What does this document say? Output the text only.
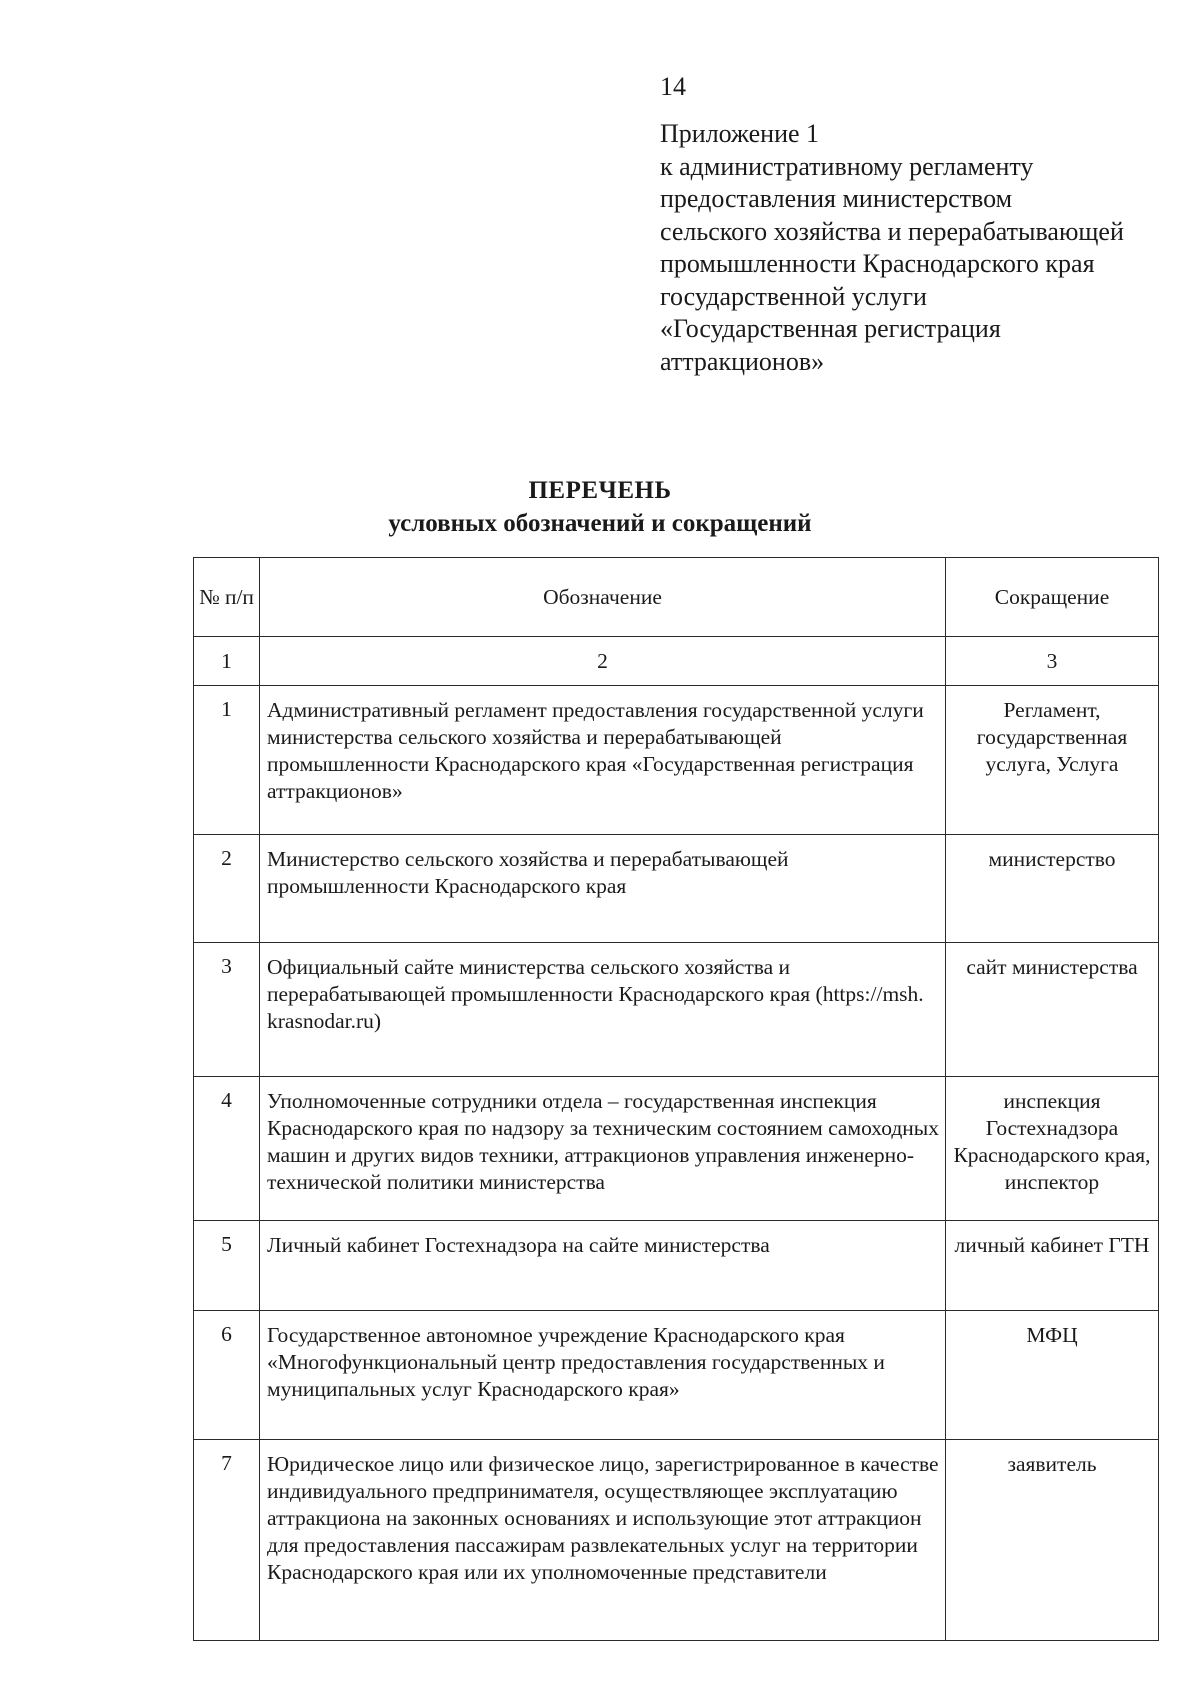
14
Приложение 1
к административному регламенту
предоставления министерством
сельского хозяйства и перерабатывающей
промышленности Краснодарского края
государственной услуги
«Государственная регистрация
аттракционов»
ПЕРЕЧЕНЬ
условных обозначений и сокращений
№ п/п	Обозначение	Сокращение
1	2	3
1	Административный регламент предоставления государственной услуги министерства сельского хозяйства и перерабатывающей промышленности Краснодарского края «Государственная регистрация аттракционов»	Регламент, государственная услуга, Услуга
2	Министерство сельского хозяйства и перерабатывающей промышленности Краснодарского края	министерство
3	Официальный сайте министерства сельского хозяйства и перерабатывающей промышленности Краснодарского края (https://msh. krasnodar.ru)	сайт министерства
4	Уполномоченные сотрудники отдела – государственная инспекция Краснодарского края по надзору за техническим состоянием самоходных машин и других видов техники, аттракционов управления инженерно-технической политики министерства	инспекция Гостехнадзора Краснодарского края, инспектор
5	Личный кабинет Гостехнадзора на сайте министерства	личный кабинет ГТН
6	Государственное автономное учреждение Краснодарского края «Многофункциональный центр предоставления государственных и муниципальных услуг Краснодарского края»	МФЦ
7	Юридическое лицо или физическое лицо, зарегистрированное в качестве индивидуального предпринимателя, осуществляющее эксплуатацию аттракциона на законных основаниях и использующие этот аттракцион для предоставления пассажирам развлекательных услуг на территории Краснодарского края или их уполномоченные представители	заявитель
